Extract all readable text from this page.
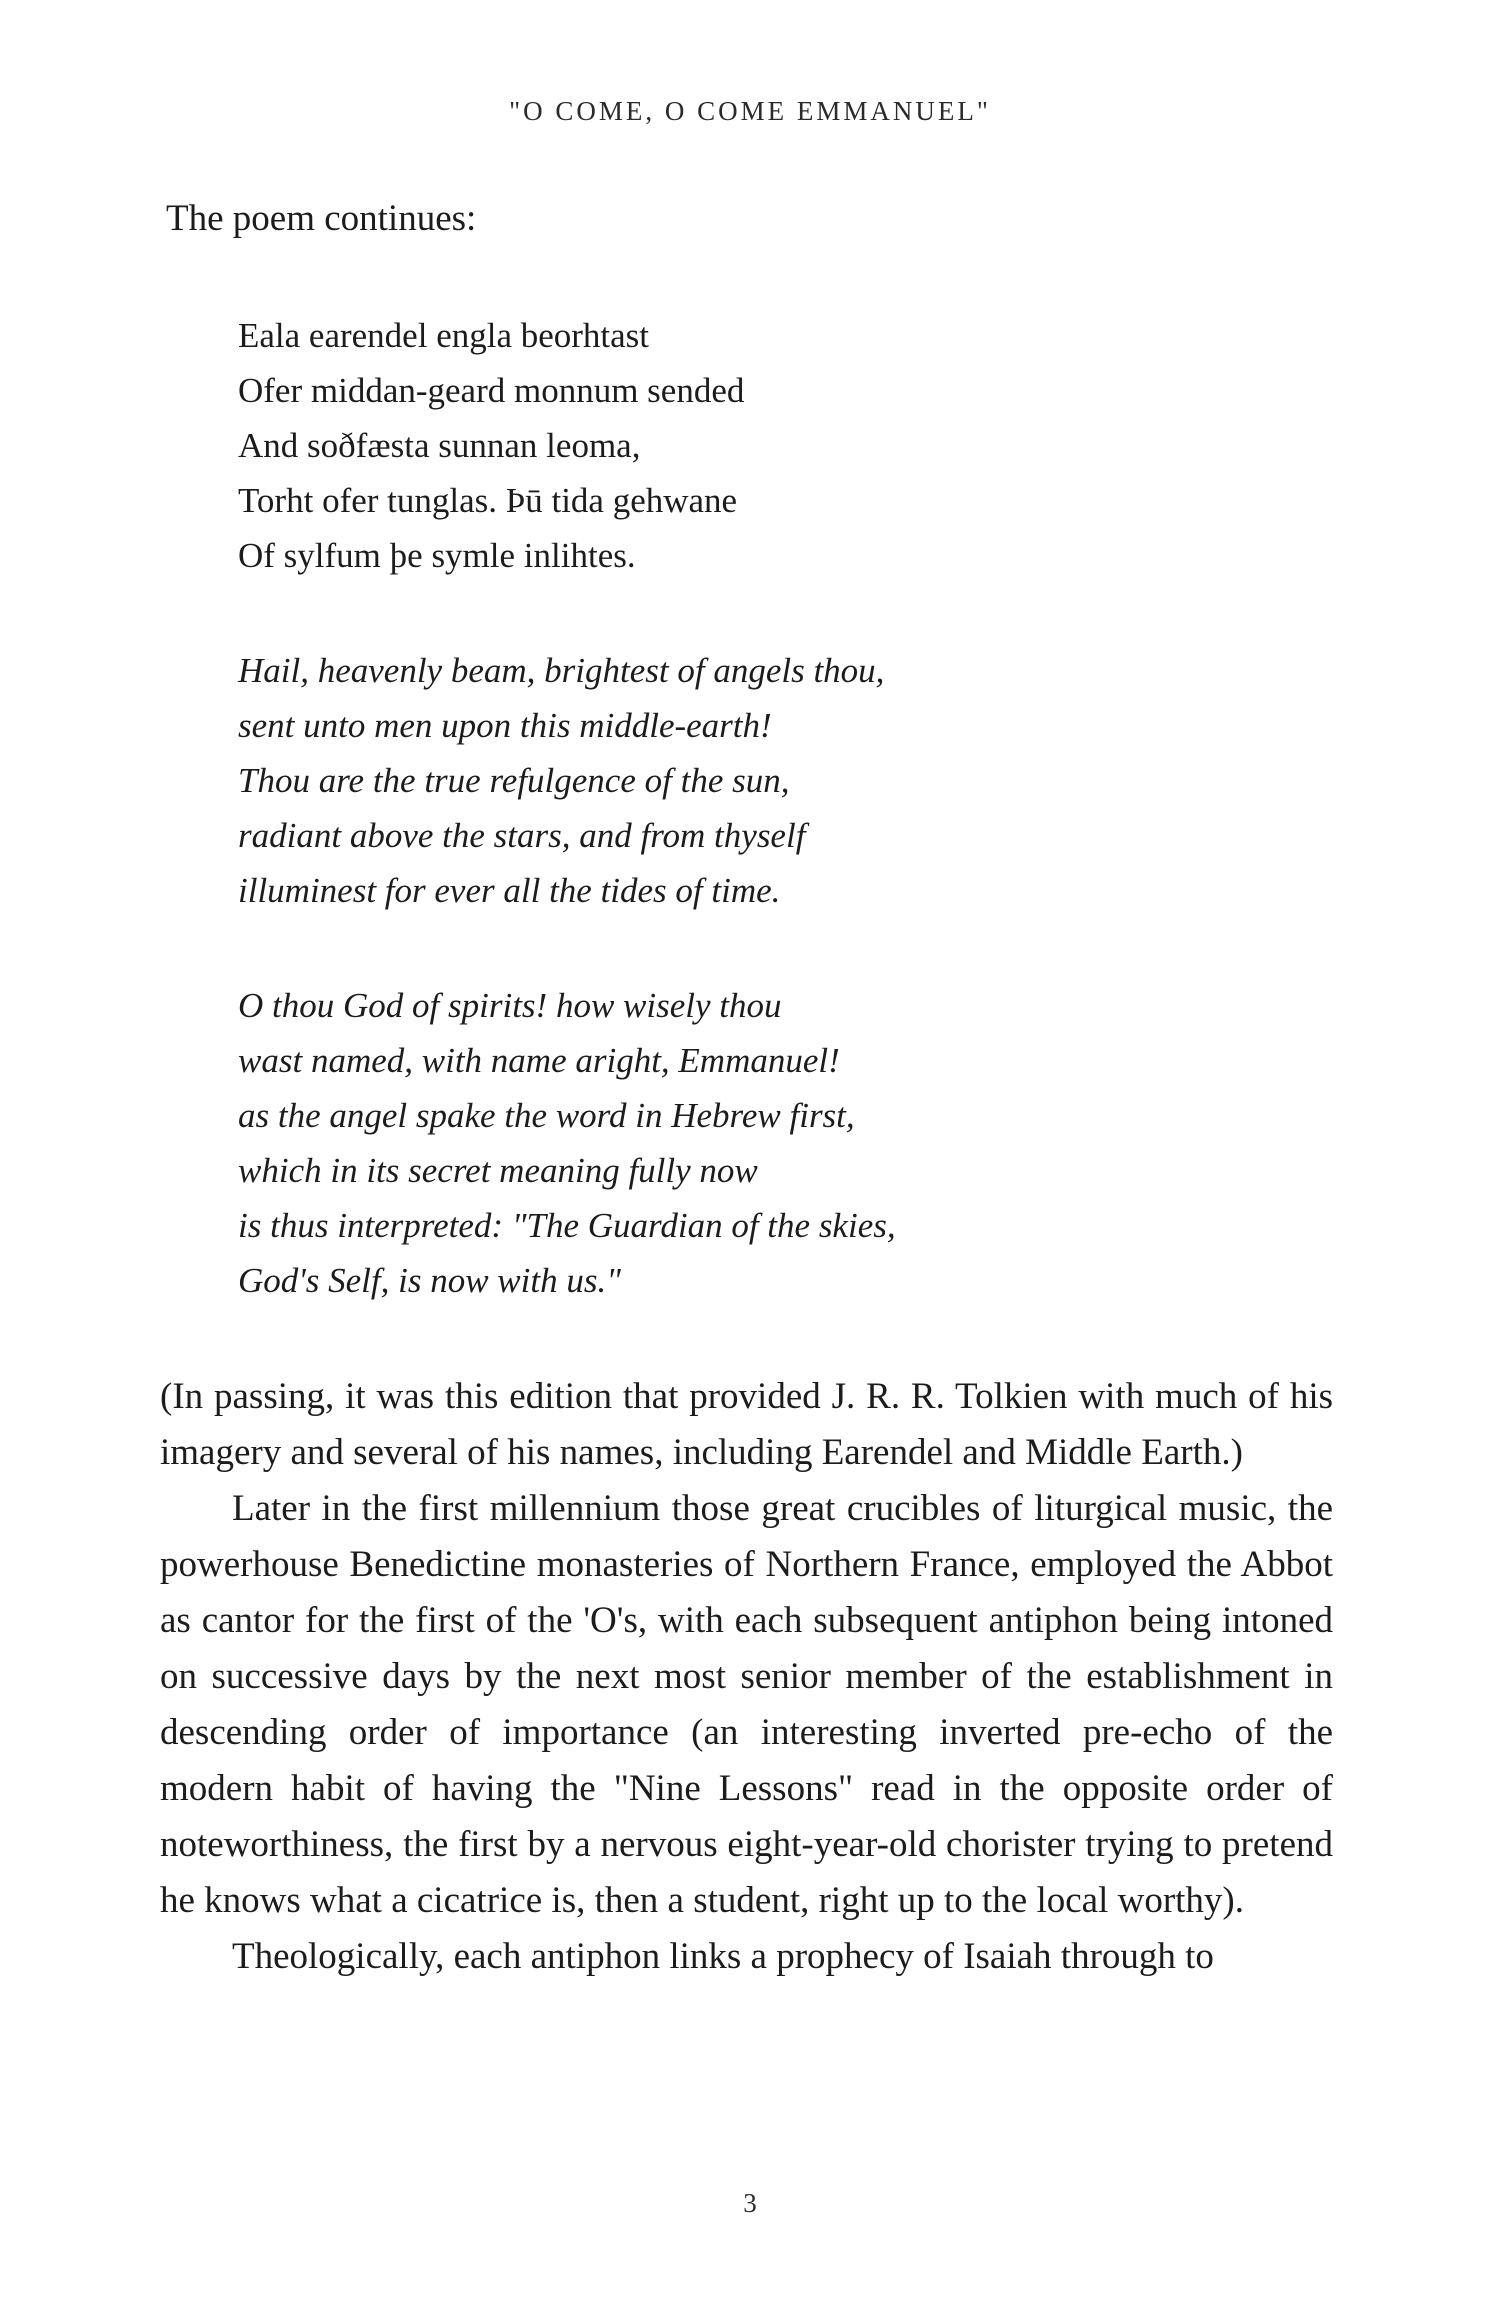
"O COME, O COME EMMANUEL"

The poem continues:

Eala earendel engla beorhtast
Ofer middan-geard monnum sended
And soðfæsta sunnan leoma,
Torht ofer tunglas. Þū tida gehwane
Of sylfum þe symle inlihtes.
Hail, heavenly beam, brightest of angels thou,
sent unto men upon this middle-earth!
Thou are the true refulgence of the sun,
radiant above the stars, and from thyself
illuminest for ever all the tides of time.
O thou God of spirits! how wisely thou
wast named, with name aright, Emmanuel!
as the angel spake the word in Hebrew first,
which in its secret meaning fully now
is thus interpreted: "The Guardian of the skies,
God's Self, is now with us."

(In passing, it was this edition that provided J. R. R. Tolkien with much of his imagery and several of his names, including Earendel and Middle Earth.)

Later in the first millennium those great crucibles of liturgical music, the powerhouse Benedictine monasteries of Northern France, employed the Abbot as cantor for the first of the 'O's, with each subsequent antiphon being intoned on successive days by the next most senior member of the establishment in descending order of importance (an interesting inverted pre-echo of the modern habit of having the "Nine Lessons" read in the opposite order of noteworthiness, the first by a nervous eight-year-old chorister trying to pretend he knows what a cicatrice is, then a student, right up to the local worthy).

Theologically, each antiphon links a prophecy of Isaiah through to

3
